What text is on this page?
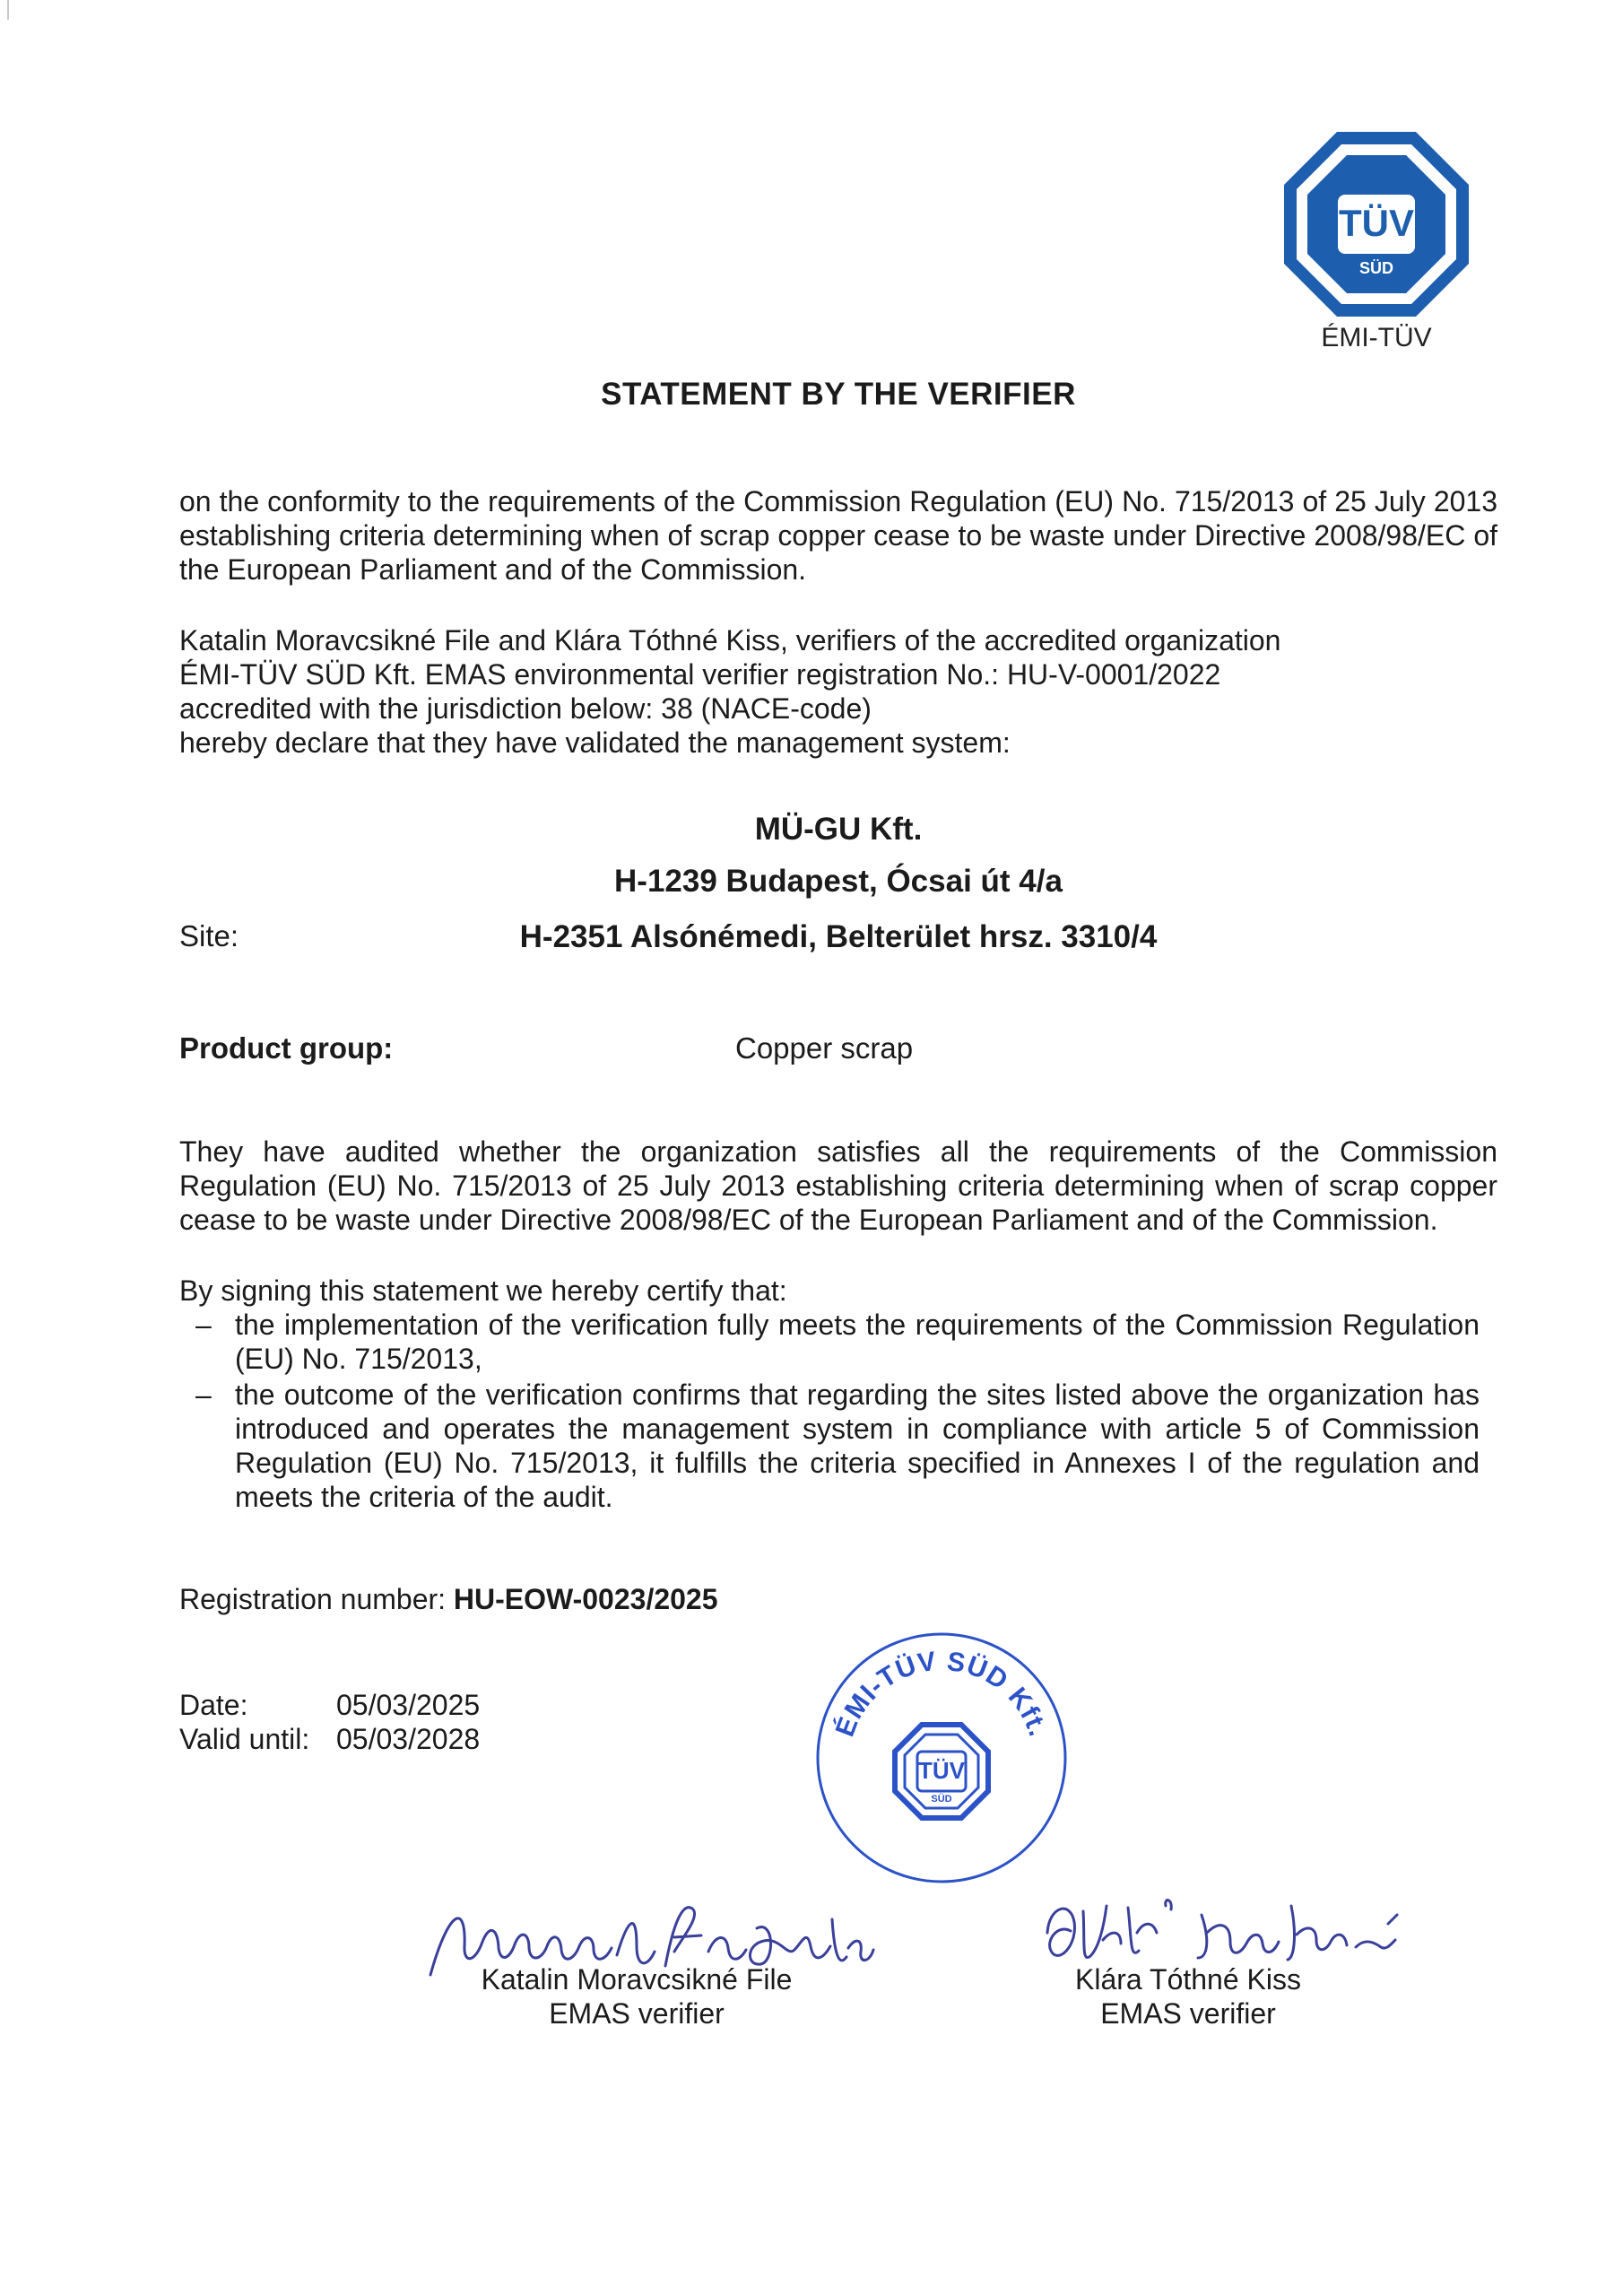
TÜV
SÜD
ÉMI-TÜV
STATEMENT BY THE VERIFIER

on the conformity to the requirements of the Commission Regulation (EU) No. 715/2013 of 25 July 2013 establishing criteria determining when of scrap copper cease to be waste under Directive 2008/98/EC of the European Parliament and of the Commission.

Katalin Moravcsikné File and Klára Tóthné Kiss, verifiers of the accredited organization
ÉMI-TÜV SÜD Kft. EMAS environmental verifier registration No.: HU-V-0001/2022
accredited with the jurisdiction below: 38 (NACE-code)
hereby declare that they have validated the management system:
MÜ-GU Kft.
H-1239 Budapest, Ócsai út 4/a
Site:	H-2351 Alsónémedi, Belterület hrsz. 3310/4
Product group:	Copper scrap

They have audited whether the organization satisfies all the requirements of the Commission Regulation (EU) No. 715/2013 of 25 July 2013 establishing criteria determining when of scrap copper cease to be waste under Directive 2008/98/EC of the European Parliament and of the Commission.

By signing this statement we hereby certify that:

– the implementation of the verification fully meets the requirements of the Commission Regulation (EU) No. 715/2013,
– the outcome of the verification confirms that regarding the sites listed above the organization has introduced and operates the management system in compliance with article 5 of Commission Regulation (EU) No. 715/2013, it fulfills the criteria specified in Annexes I of the regulation and meets the criteria of the audit.
Registration number: HU-EOW-0023/2025
Date:	05/03/2025
Valid until: 05/03/2028	ÉMI-TÜV SÜD Kft.
TÜV
SÜD
Katalin Moravcsikné File
EMAS verifier
Klára Tóthné Kiss
EMAS verifier
